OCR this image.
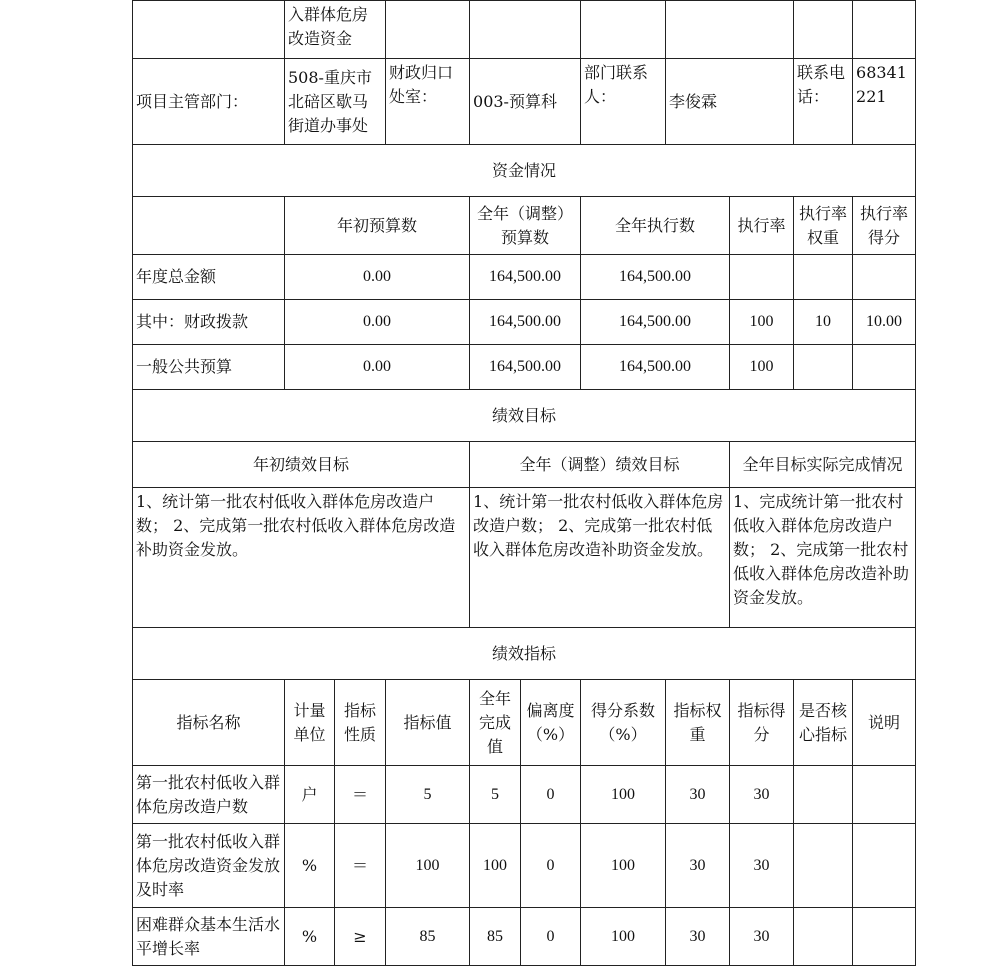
	入群体危房改造资金									
项目主管部门：	508-重庆市北碚区歇马街道办事处		财政归口处室：	003-预算科		部门联系人：	李俊霖		联系电话：	68341221
资金情况										
	年初预算数			全年（调整）预算数		全年执行数		执行率	执行率权重	执行率得分
年度总金额	0.00			164,500.00		164,500.00				
其中：财政拨款	0.00			164,500.00		164,500.00		100	10	10.00
一般公共预算	0.00			164,500.00		164,500.00		100		
绩效目标										
年初绩效目标				全年（调整）绩效目标				全年目标实际完成情况		
1、统计第一批农村低收入群体危房改造户数； 2、完成第一批农村低收入群体危房改造补助资金发放。				1、统计第一批农村低收入群体危房改造户数； 2、完成第一批农村低收入群体危房改造补助资金发放。				1、完成统计第一批农村低收入群体危房改造户数； 2、完成第一批农村低收入群体危房改造补助资金发放。		
绩效指标										
指标名称	计量单位	指标性质	指标值	全年完成值	偏离度（%）	得分系数（%）	指标权重	指标得分	是否核心指标	说明
第一批农村低收入群体危房改造户数	户	＝	5	5	0	100	30	30		
第一批农村低收入群体危房改造资金发放及时率	%	＝	100	100	0	100	30	30		
困难群众基本生活水平增长率	%	≥	85	85	0	100	30	30		
